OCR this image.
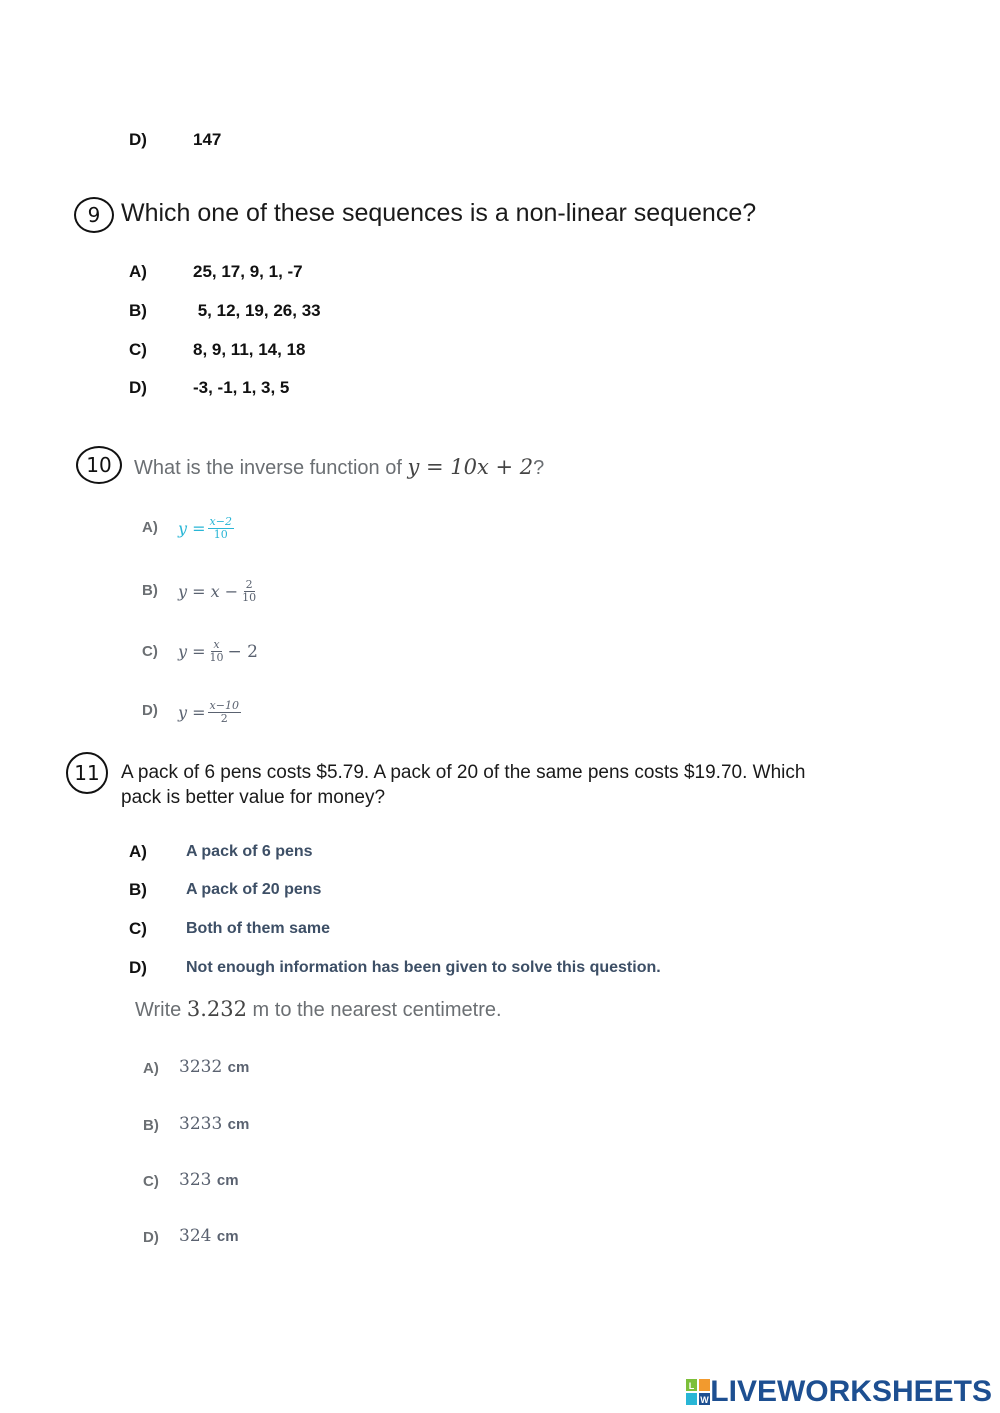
D)	147
9 Which one of these sequences is a non-linear sequence?
A)	25, 17, 9, 1, -7
B)	5, 12, 19, 26, 33
C)	8, 9, 11, 14, 18
D)	-3, -1, 1, 3, 5
10 What is the inverse function of y = 10x + 2?
A) $y = \frac{x-2}{10}$
B) $y = x - \frac{2}{10}$
C) $y = \frac{x}{10} - 2$
D) $y = \frac{x-10}{2}$
11 A pack of 6 pens costs $5.79. A pack of 20 of the same pens costs $19.70. Which
pack is better value for money?
A) A pack of 6 pens
B) A pack of 20 pens
C) Both of them same
D) Not enough information has been given to solve this question.
Write 3.232 m to the nearest centimetre.
A) 3232 cm
B) 3233 cm
C) 323 cm
D) 324 cm
L
W LIVEWORKSHEETS
